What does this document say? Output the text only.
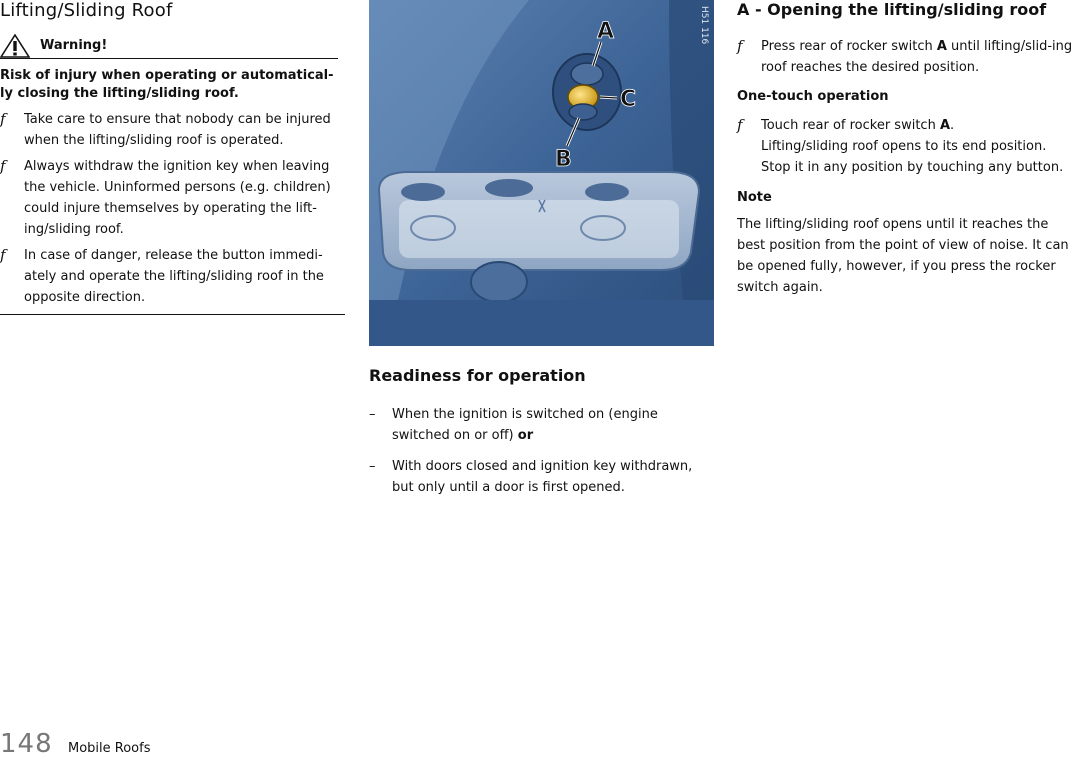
Lifting/Sliding Roof
Warning!

Risk of injury when operating or automatical-ly closing the lifting/sliding roof.

f Take care to ensure that nobody can be injured when the lifting/sliding roof is operated.
f Always withdraw the ignition key when leaving the vehicle. Uninformed persons (e.g. children) could injure themselves by operating the lift-ing/sliding roof.
f In case of danger, release the button immedi-ately and operate the lifting/sliding roof in the opposite direction.
A
C
B
H51 116
Readiness for operation
– When the ignition is switched on (engine switched on or off) or
– With doors closed and ignition key withdrawn, but only until a door is first opened.
A - Opening the lifting/sliding roof
f Press rear of rocker switch A until lifting/slid-ing roof reaches the desired position.

One-touch operation

f Touch rear of rocker switch A.
Lifting/sliding roof opens to its end position.
Stop it in any position by touching any button.

Note

The lifting/sliding roof opens until it reaches the best position from the point of view of noise. It can be opened fully, however, if you press the rocker switch again.

148 Mobile Roofs
